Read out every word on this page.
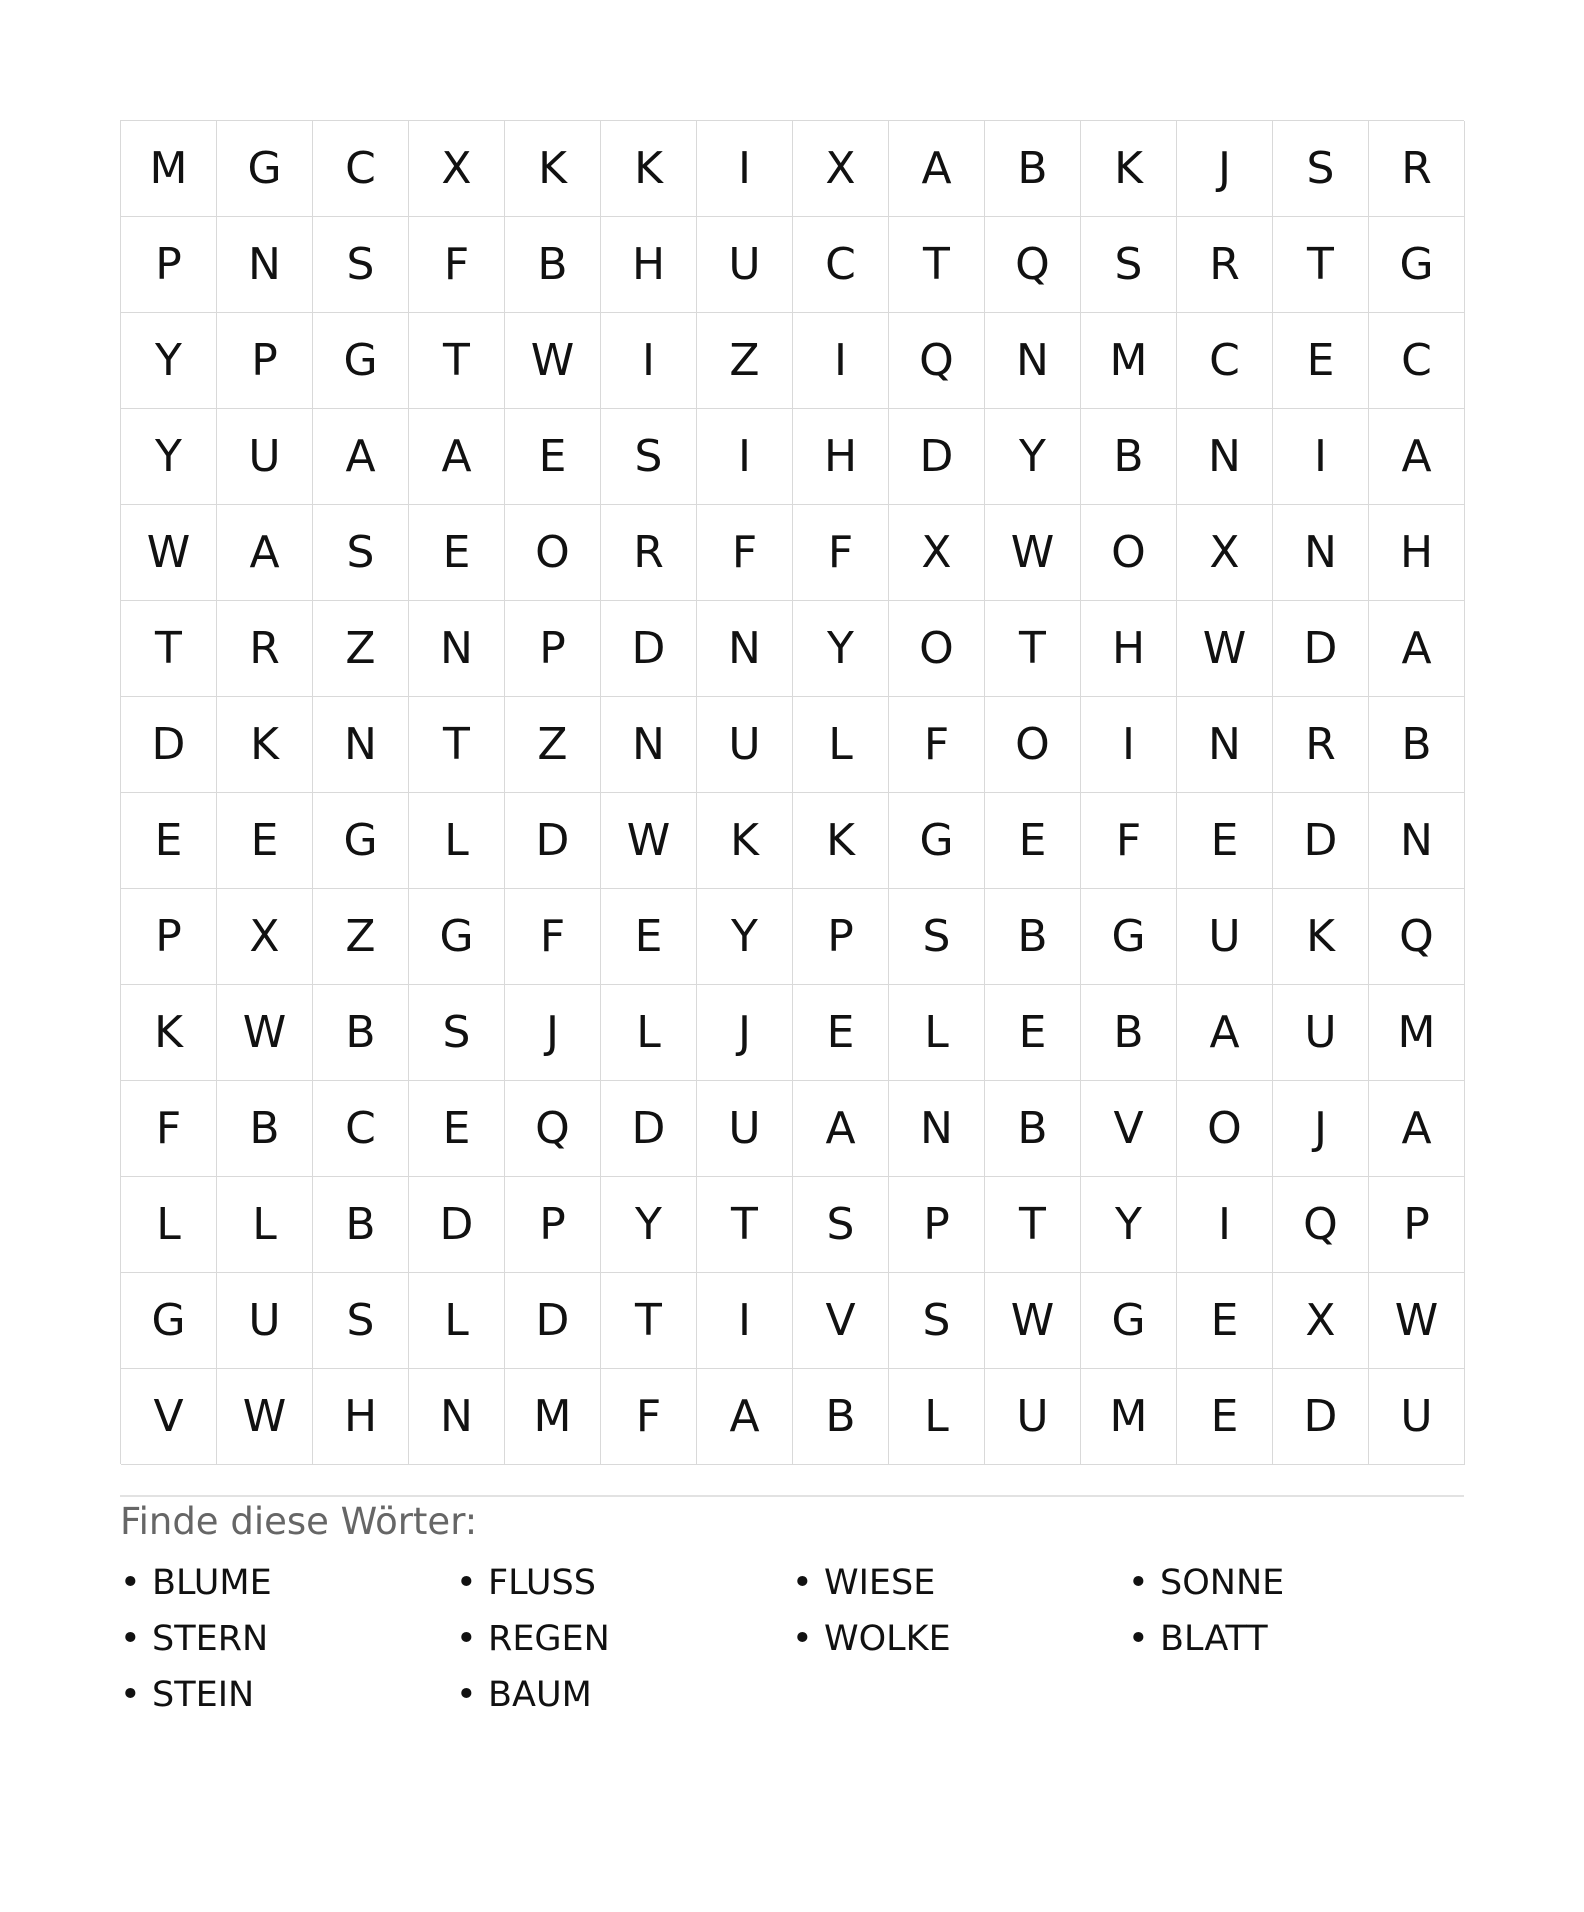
M	G	C	X	K	K	I	X	A	B	K	J	S	R
P	N	S	F	B	H	U	C	T	Q	S	R	T	G
Y	P	G	T	W	I	Z	I	Q	N	M	C	E	C
Y	U	A	A	E	S	I	H	D	Y	B	N	I	A
W	A	S	E	O	R	F	F	X	W	O	X	N	H
T	R	Z	N	P	D	N	Y	O	T	H	W	D	A
D	K	N	T	Z	N	U	L	F	O	I	N	R	B
E	E	G	L	D	W	K	K	G	E	F	E	D	N
P	X	Z	G	F	E	Y	P	S	B	G	U	K	Q
K	W	B	S	J	L	J	E	L	E	B	A	U	M
F	B	C	E	Q	D	U	A	N	B	V	O	J	A
L	L	B	D	P	Y	T	S	P	T	Y	I	Q	P
G	U	S	L	D	T	I	V	S	W	G	E	X	W
V	W	H	N	M	F	A	B	L	U	M	E	D	U
Finde diese Wörter:
• BLUME	• FLUSS	• WIESE	• SONNE
• STERN	• REGEN	• WOLKE	• BLATT
• STEIN	• BAUM
